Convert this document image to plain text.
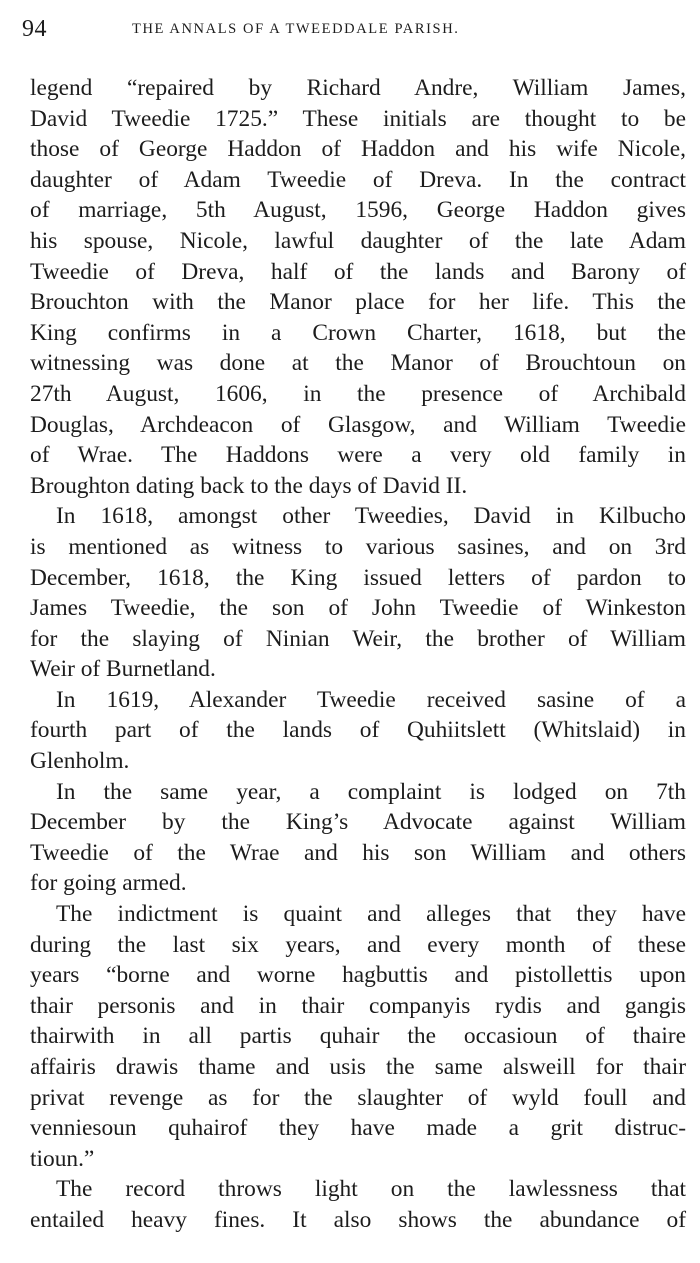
94	THE ANNALS OF A TWEEDDALE PARISH.
legend “repaired by Richard Andre, William James,
David Tweedie 1725.” These initials are thought to be
those of George Haddon of Haddon and his wife Nicole,
daughter of Adam Tweedie of Dreva. In the contract
of marriage, 5th August, 1596, George Haddon gives
his spouse, Nicole, lawful daughter of the late Adam
Tweedie of Dreva, half of the lands and Barony of
Brouchton with the Manor place for her life. This the
King confirms in a Crown Charter, 1618, but the
witnessing was done at the Manor of Brouchtoun on
27th August, 1606, in the presence of Archibald
Douglas, Archdeacon of Glasgow, and William Tweedie
of Wrae. The Haddons were a very old family in
Broughton dating back to the days of David II.
In 1618, amongst other Tweedies, David in Kilbucho
is mentioned as witness to various sasines, and on 3rd
December, 1618, the King issued letters of pardon to
James Tweedie, the son of John Tweedie of Winkeston
for the slaying of Ninian Weir, the brother of William
Weir of Burnetland.
In 1619, Alexander Tweedie received sasine of a
fourth part of the lands of Quhiitslett (Whitslaid) in
Glenholm.
In the same year, a complaint is lodged on 7th
December by the King’s Advocate against William
Tweedie of the Wrae and his son William and others
for going armed.
The indictment is quaint and alleges that they have
during the last six years, and every month of these
years “borne and worne hagbuttis and pistollettis upon
thair personis and in thair companyis rydis and gangis
thairwith in all partis quhair the occasioun of thaire
affairis drawis thame and usis the same alsweill for thair
privat revenge as for the slaughter of wyld foull and
venniesoun quhairof they have made a grit distruc-
tioun.”
The record throws light on the lawlessness that
entailed heavy fines. It also shows the abundance of
